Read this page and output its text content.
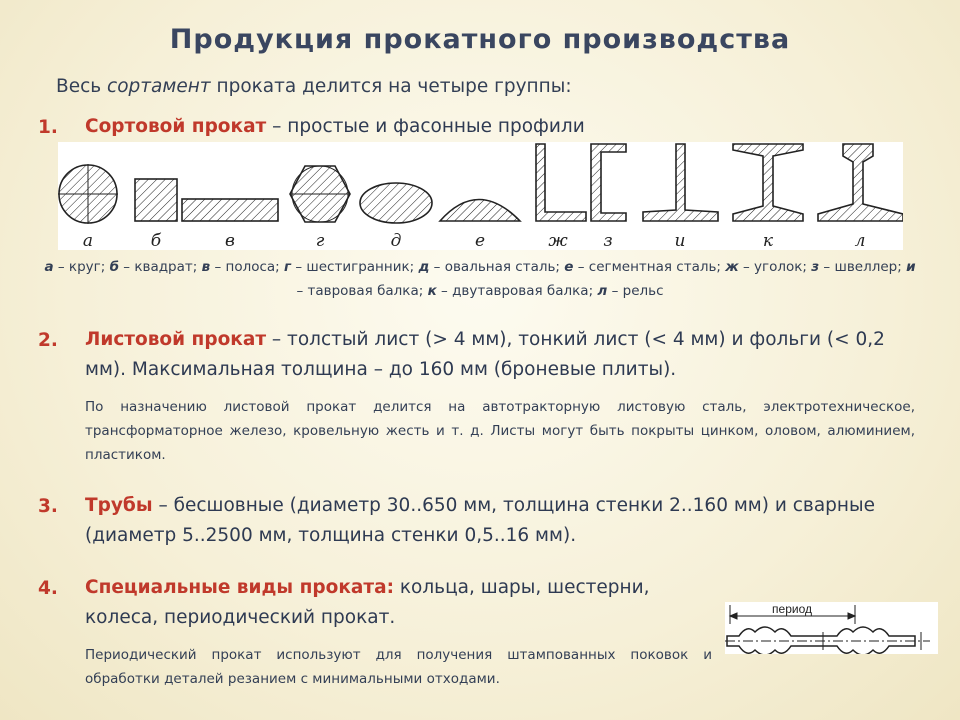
Продукция прокатного производства
Весь сортамент проката делится на четыре группы:
1. Сортовой прокат – простые и фасонные профили
а	б	в	г	д	е	ж з	и	к	л
а – круг; б – квадрат; в – полоса; г – шестигранник; д – овальная сталь; е – сегментная сталь; ж – уголок; з – швеллер; и – тавровая балка; к – двутавровая балка; л – рельс
2. Листовой прокат – толстый лист (> 4 мм), тонкий лист (< 4 мм) и фольги (< 0,2 мм). Максимальная толщина – до 160 мм (броневые плиты).
По назначению листовой прокат делится на автотракторную листовую сталь, электротехническое, трансформаторное железо, кровельную жесть и т. д. Листы могут быть покрыты цинком, оловом, алюминием, пластиком.
3. Трубы – бесшовные (диаметр 30..650 мм, толщина стенки 2..160 мм) и сварные (диаметр 5..2500 мм, толщина стенки 0,5..16 мм).
4. Специальные виды проката: кольца, шары, шестерни, колеса, периодический прокат.
Периодический прокат используют для получения штампованных поковок и обработки деталей резанием с минимальными отходами.
период
